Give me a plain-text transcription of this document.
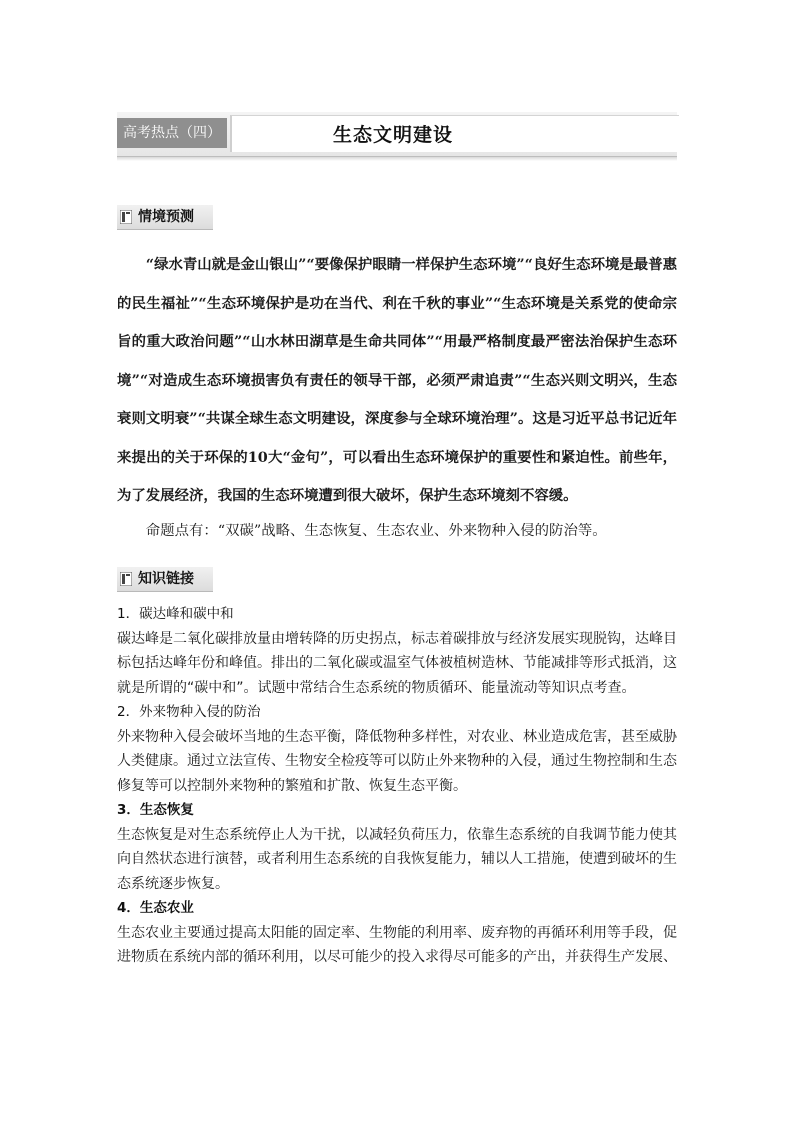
高考热点（四）	生态文明建设
情境预测

“绿水青山就是金山银山”“要像保护眼睛一样保护生态环境”“良好生态环境是最普惠的民生福祉”“生态环境保护是功在当代、利在千秋的事业”“生态环境是关系党的使命宗旨的重大政治问题”“山水林田湖草是生命共同体”“用最严格制度最严密法治保护生态环境”“对造成生态环境损害负有责任的领导干部，必须严肃追责”“生态兴则文明兴，生态衰则文明衰”“共谋全球生态文明建设，深度参与全球环境治理”。这是习近平总书记近年来提出的关于环保的10大“金句”，可以看出生态环境保护的重要性和紧迫性。前些年，为了发展经济，我国的生态环境遭到很大破坏，保护生态环境刻不容缓。

命题点有：“双碳”战略、生态恢复、生态农业、外来物种入侵的防治等。

知识链接

1．碳达峰和碳中和

碳达峰是二氧化碳排放量由增转降的历史拐点，标志着碳排放与经济发展实现脱钩，达峰目标包括达峰年份和峰值。排出的二氧化碳或温室气体被植树造林、节能减排等形式抵消，这就是所谓的“碳中和”。试题中常结合生态系统的物质循环、能量流动等知识点考查。

2．外来物种入侵的防治

外来物种入侵会破坏当地的生态平衡，降低物种多样性，对农业、林业造成危害，甚至威胁人类健康。通过立法宣传、生物安全检疫等可以防止外来物种的入侵，通过生物控制和生态修复等可以控制外来物种的繁殖和扩散、恢复生态平衡。

3．生态恢复

生态恢复是对生态系统停止人为干扰，以减轻负荷压力，依靠生态系统的自我调节能力使其向自然状态进行演替，或者利用生态系统的自我恢复能力，辅以人工措施，使遭到破坏的生态系统逐步恢复。

4．生态农业

生态农业主要通过提高太阳能的固定率、生物能的利用率、废弃物的再循环利用等手段，促进物质在系统内部的循环利用，以尽可能少的投入求得尽可能多的产出，并获得生产发展、
